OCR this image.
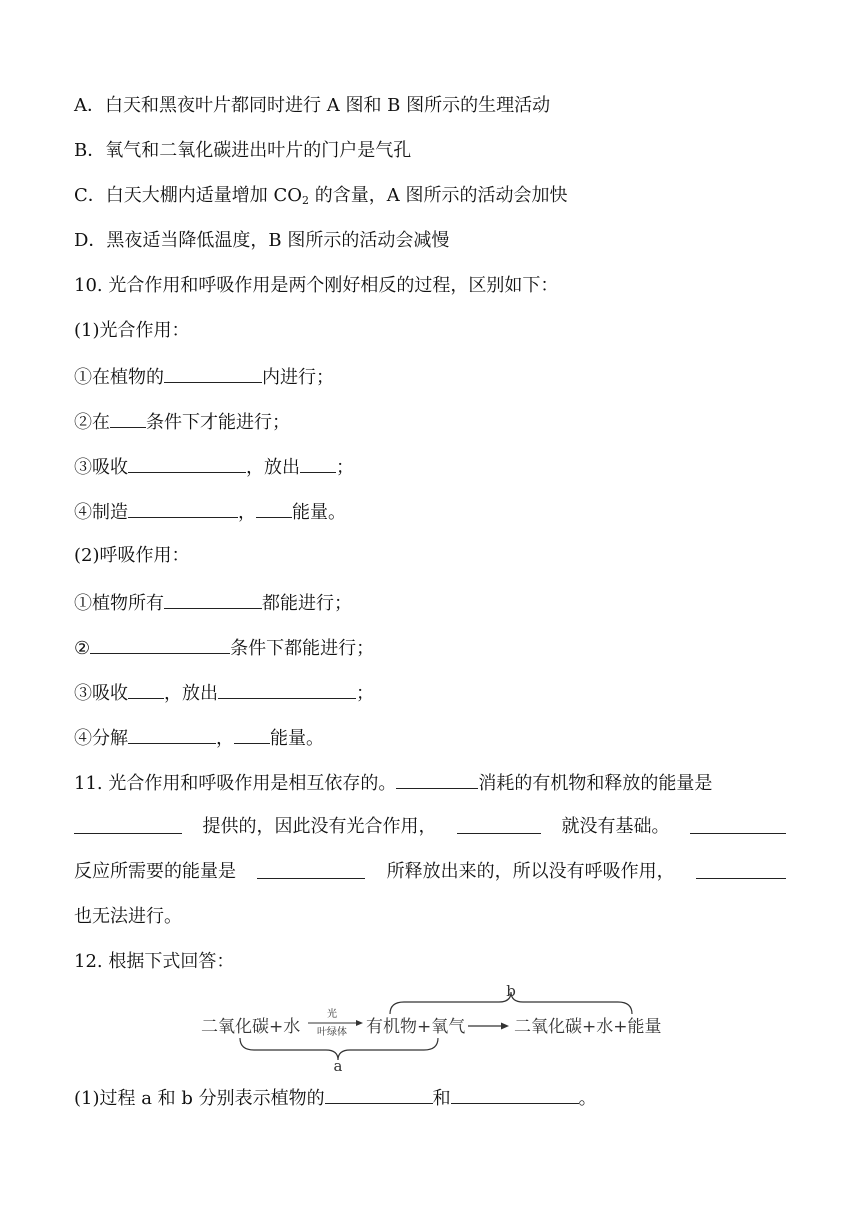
A．白天和黑夜叶片都同时进行 A 图和 B 图所示的生理活动
B．氧气和二氧化碳进出叶片的门户是气孔
C．白天大棚内适量增加 $CO_2$ 的含量，A 图所示的活动会加快
D．黑夜适当降低温度，B 图所示的活动会减慢
10. 光合作用和呼吸作用是两个刚好相反的过程，区别如下：
(1)光合作用：
①在植物的	内进行；
②在 条件下才能进行；
③吸收	，放出 ；
④制造	， 能量。
(2)呼吸作用：
①植物所有	都能进行；
②	条件下都能进行；
③吸收 ，放出	；
④分解	， 能量。
11. 光合作用和呼吸作用是相互依存的。	消耗的有机物和释放的能量是
提供的，因此没有光合作用，	就没有基础。
反应所需要的能量是	所释放出来的，所以没有呼吸作用，
也无法进行。
12. 根据下式回答：
b
二氧化碳+水
光
叶绿体 有机物+氧气	二氧化碳+水+能量
a
(1)过程 a 和 b 分别表示植物的	和	。
